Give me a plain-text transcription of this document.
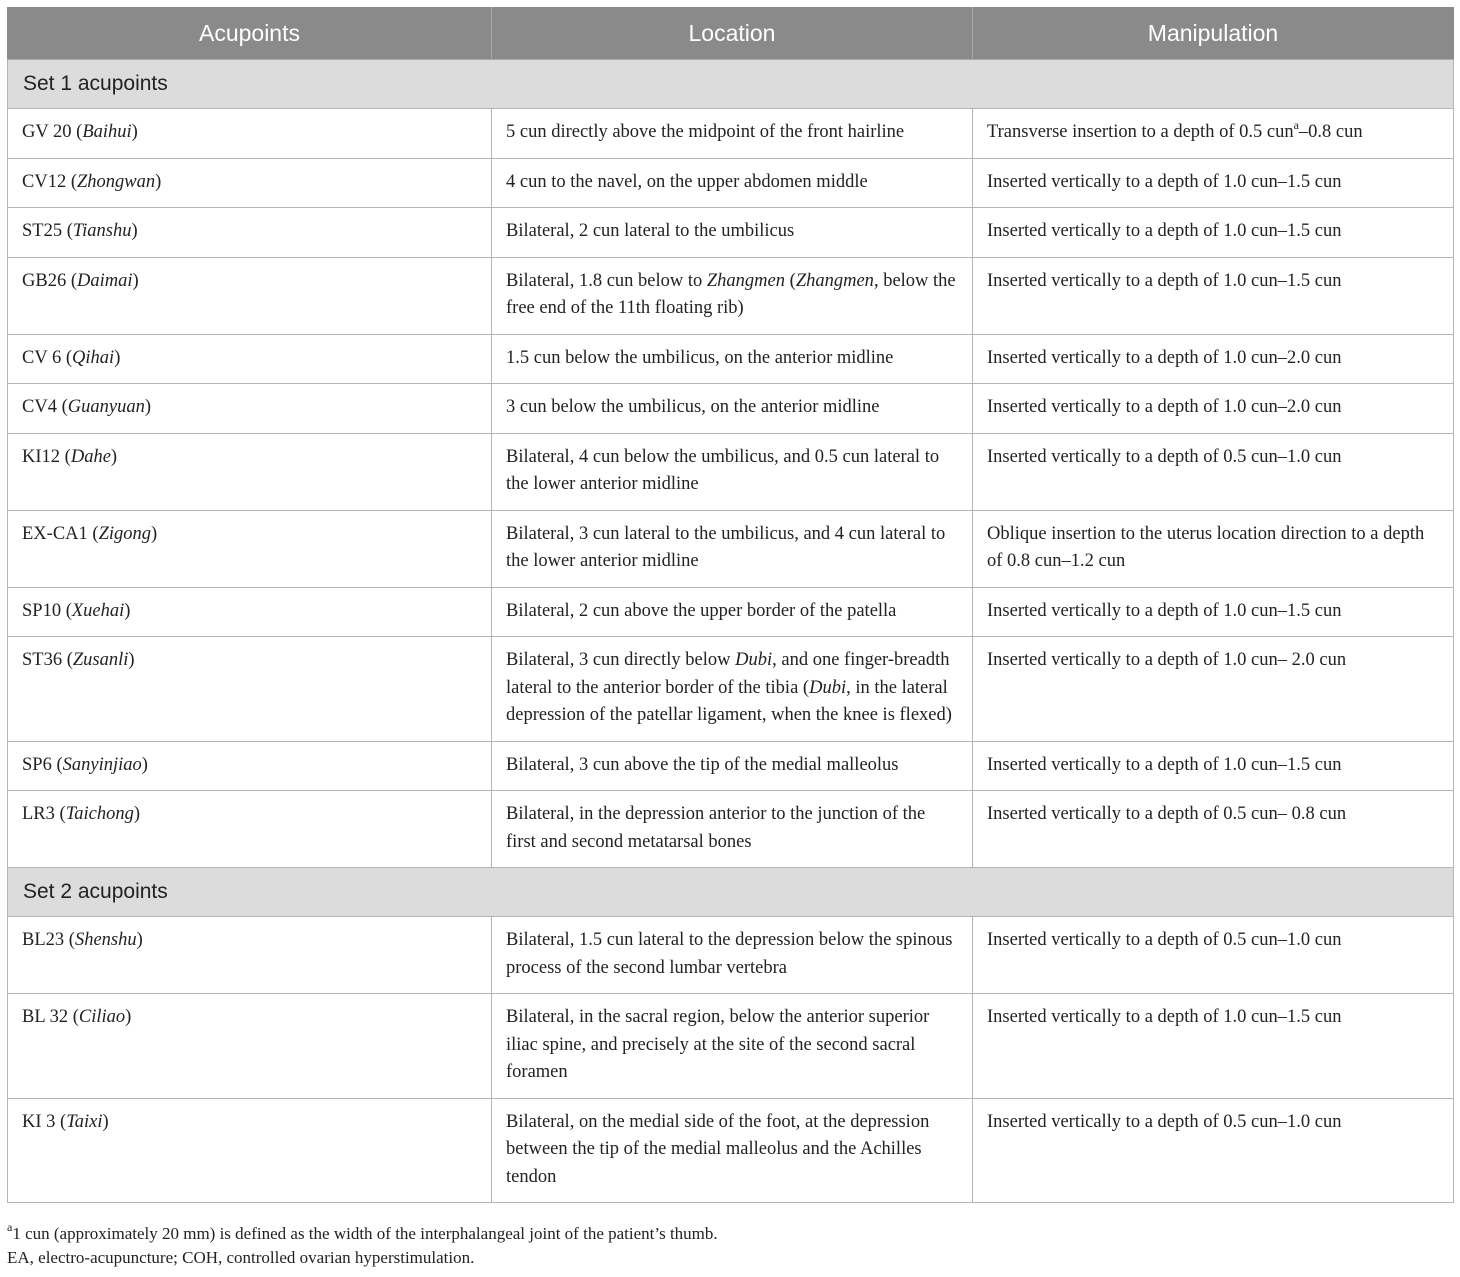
Acupoints	Location	Manipulation
Set 1 acupoints		
GV 20 (Baihui)	5 cun directly above the midpoint of the front hairline	Transverse insertion to a depth of 0.5 cun$^a$–0.8 cun
CV12 (Zhongwan)	4 cun to the navel, on the upper abdomen middle	Inserted vertically to a depth of 1.0 cun–1.5 cun
ST25 (Tianshu)	Bilateral, 2 cun lateral to the umbilicus	Inserted vertically to a depth of 1.0 cun–1.5 cun
GB26 (Daimai)	Bilateral, 1.8 cun below to Zhangmen (Zhangmen, below the free end of the 11th floating rib)	Inserted vertically to a depth of 1.0 cun–1.5 cun
CV 6 (Qihai)	1.5 cun below the umbilicus, on the anterior midline	Inserted vertically to a depth of 1.0 cun–2.0 cun
CV4 (Guanyuan)	3 cun below the umbilicus, on the anterior midline	Inserted vertically to a depth of 1.0 cun–2.0 cun
KI12 (Dahe)	Bilateral, 4 cun below the umbilicus, and 0.5 cun lateral to the lower anterior midline	Inserted vertically to a depth of 0.5 cun–1.0 cun
EX-CA1 (Zigong)	Bilateral, 3 cun lateral to the umbilicus, and 4 cun lateral to the lower anterior midline	Oblique insertion to the uterus location direction to a depth of 0.8 cun–1.2 cun
SP10 (Xuehai)	Bilateral, 2 cun above the upper border of the patella	Inserted vertically to a depth of 1.0 cun–1.5 cun
ST36 (Zusanli)	Bilateral, 3 cun directly below Dubi, and one finger-breadth lateral to the anterior border of the tibia (Dubi, in the lateral depression of the patellar ligament, when the knee is flexed)	Inserted vertically to a depth of 1.0 cun– 2.0 cun
SP6 (Sanyinjiao)	Bilateral, 3 cun above the tip of the medial malleolus	Inserted vertically to a depth of 1.0 cun–1.5 cun
LR3 (Taichong)	Bilateral, in the depression anterior to the junction of the first and second metatarsal bones	Inserted vertically to a depth of 0.5 cun– 0.8 cun
Set 2 acupoints		
BL23 (Shenshu)	Bilateral, 1.5 cun lateral to the depression below the spinous process of the second lumbar vertebra	Inserted vertically to a depth of 0.5 cun–1.0 cun
BL 32 (Ciliao)	Bilateral, in the sacral region, below the anterior superior iliac spine, and precisely at the site of the second sacral foramen	Inserted vertically to a depth of 1.0 cun–1.5 cun
KI 3 (Taixi)	Bilateral, on the medial side of the foot, at the depression between the tip of the medial malleolus and the Achilles tendon	Inserted vertically to a depth of 0.5 cun–1.0 cun

$^a$1 cun (approximately 20 mm) is defined as the width of the interphalangeal joint of the patient’s thumb.

EA, electro-acupuncture; COH, controlled ovarian hyperstimulation.
